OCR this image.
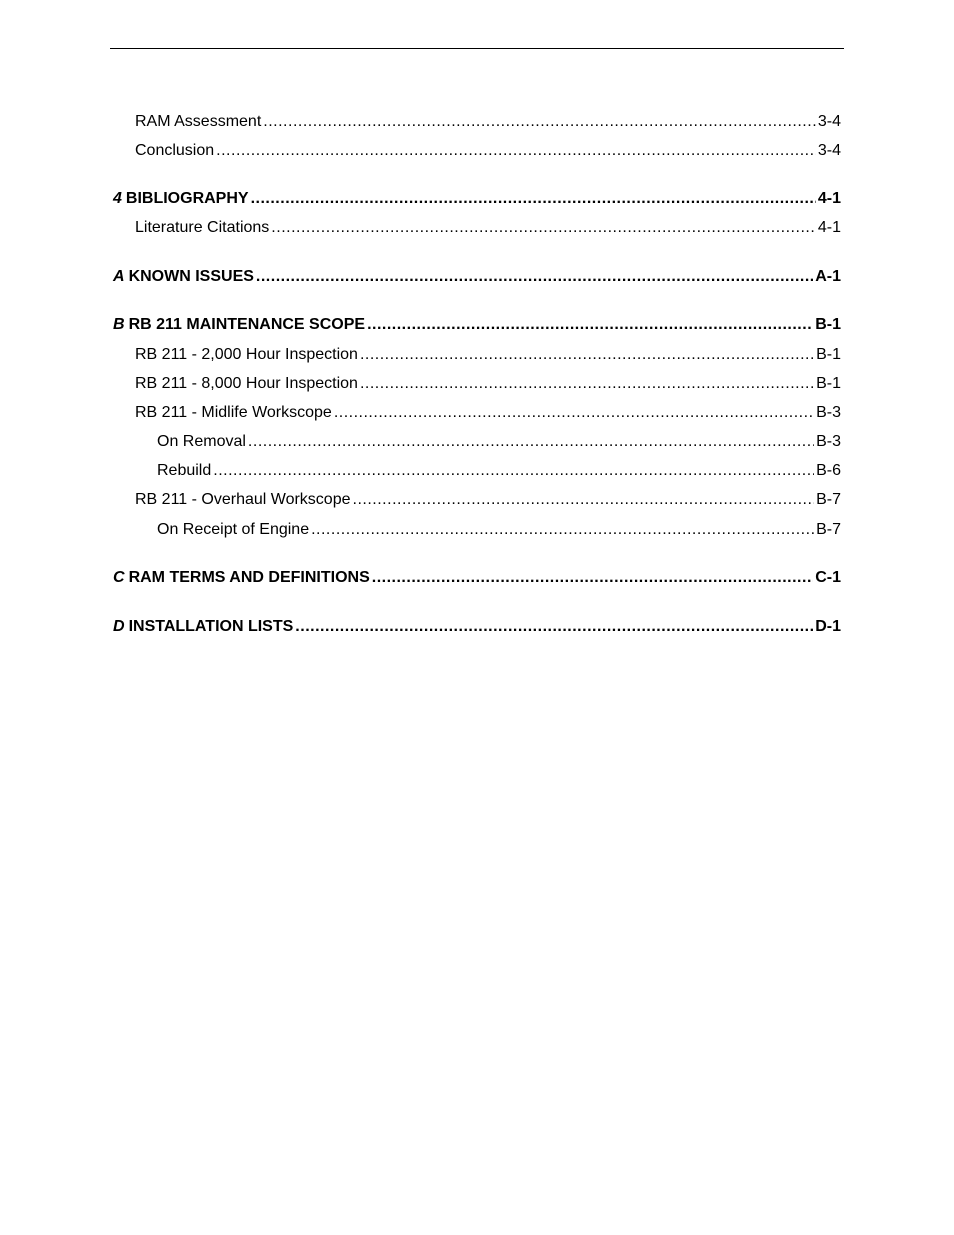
RAM Assessment .....	3-4
Conclusion .....	3-4
4 BIBLIOGRAPHY .....	4-1
Literature Citations .....	4-1
A KNOWN ISSUES .....	A-1
B RB 211 MAINTENANCE SCOPE .....	B-1
RB 211 - 2,000 Hour Inspection .....	B-1
RB 211 - 8,000 Hour Inspection .....	B-1
RB 211 - Midlife Workscope .....	B-3
On Removal .....	B-3
Rebuild .....	B-6
RB 211 - Overhaul Workscope .....	B-7
On Receipt of Engine .....	B-7
C RAM TERMS AND DEFINITIONS .....	C-1
D INSTALLATION LISTS .....	D-1
